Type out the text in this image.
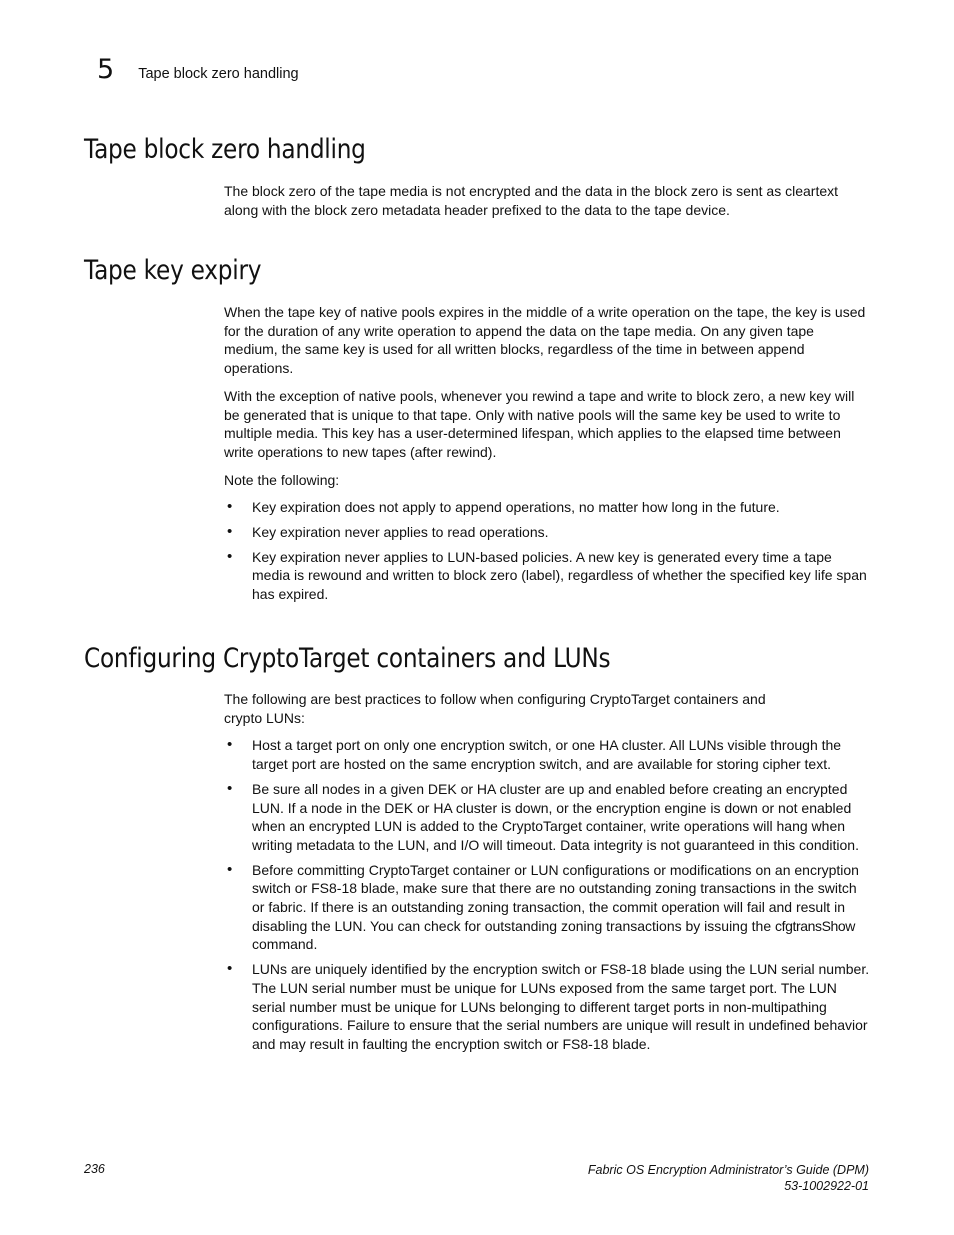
5 Tape block zero handling
Tape block zero handling

The block zero of the tape media is not encrypted and the data in the block zero is sent as cleartext along with the block zero metadata header prefixed to the data to the tape device.

Tape key expiry

When the tape key of native pools expires in the middle of a write operation on the tape, the key is used for the duration of any write operation to append the data on the tape media. On any given tape medium, the same key is used for all written blocks, regardless of the time in between append operations.

With the exception of native pools, whenever you rewind a tape and write to block zero, a new key will be generated that is unique to that tape. Only with native pools will the same key be used to write to multiple media. This key has a user-determined lifespan, which applies to the elapsed time between write operations to new tapes (after rewind).

Note the following:

• Key expiration does not apply to append operations, no matter how long in the future.
• Key expiration never applies to read operations.
• Key expiration never applies to LUN-based policies. A new key is generated every time a tape media is rewound and written to block zero (label), regardless of whether the specified key life span has expired.
Configuring CryptoTarget containers and LUNs

The following are best practices to follow when configuring CryptoTarget containers and crypto LUNs:

• Host a target port on only one encryption switch, or one HA cluster. All LUNs visible through the target port are hosted on the same encryption switch, and are available for storing cipher text.
• Be sure all nodes in a given DEK or HA cluster are up and enabled before creating an encrypted LUN. If a node in the DEK or HA cluster is down, or the encryption engine is down or not enabled when an encrypted LUN is added to the CryptoTarget container, write operations will hang when writing metadata to the LUN, and I/O will timeout. Data integrity is not guaranteed in this condition.
• Before committing CryptoTarget container or LUN configurations or modifications on an encryption switch or FS8-18 blade, make sure that there are no outstanding zoning transactions in the switch or fabric. If there is an outstanding zoning transaction, the commit operation will fail and result in disabling the LUN. You can check for outstanding zoning transactions by issuing the cfgtransShow command.
• LUNs are uniquely identified by the encryption switch or FS8-18 blade using the LUN serial number. The LUN serial number must be unique for LUNs exposed from the same target port. The LUN serial number must be unique for LUNs belonging to different target ports in non-multipathing configurations. Failure to ensure that the serial numbers are unique will result in undefined behavior and may result in faulting the encryption switch or FS8-18 blade.
236	Fabric OS Encryption Administrator’s Guide (DPM)
53-1002922-01
